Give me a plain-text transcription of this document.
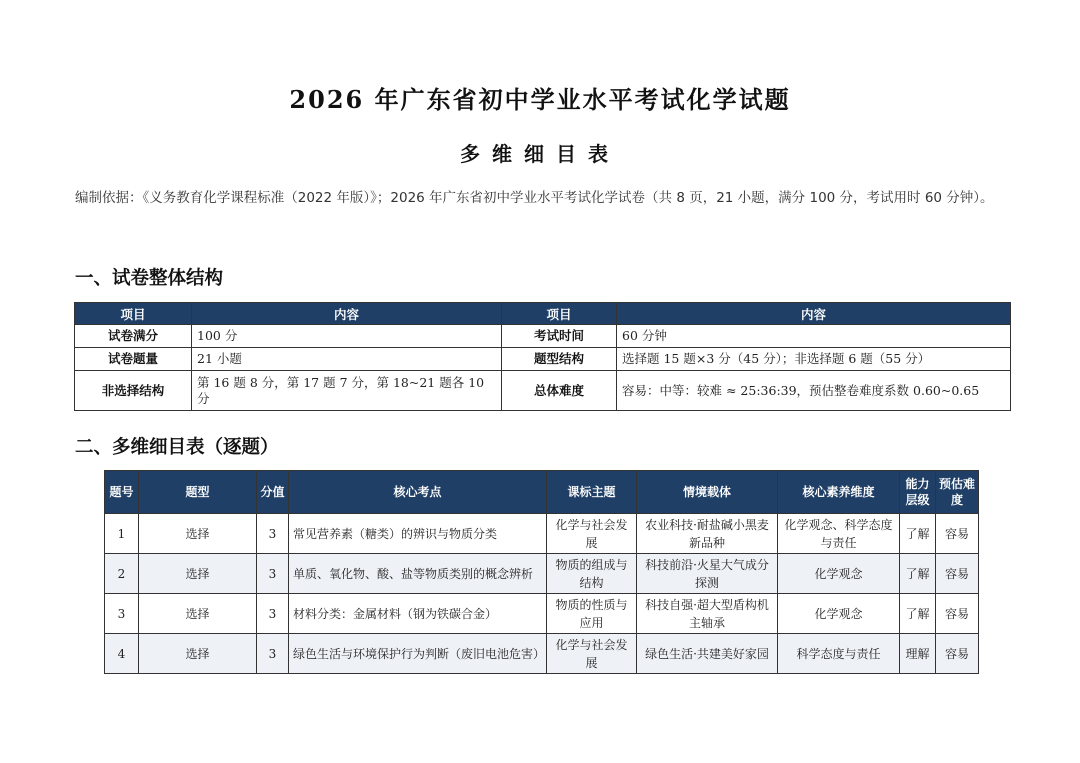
2026 年广东省初中学业水平考试化学试题
多维细目表
编制依据：《义务教育化学课程标准（2022 年版）》；2026 年广东省初中学业水平考试化学试卷（共 8 页，21 小题，满分 100 分，考试用时 60 分钟）。
一、试卷整体结构
项目	内容	项目	内容
试卷满分	100 分	考试时间	60 分钟
试卷题量	21 小题	题型结构	选择题 15 题×3 分（45 分）；非选择题 6 题（55 分）
非选择结构	第 16 题 8 分，第 17 题 7 分，第 18~21 题各 10 分	总体难度	容易：中等：较难 ≈ 25:36:39，预估整卷难度系数 0.60~0.65
二、多维细目表（逐题）
题号	题型	分值	核心考点	课标主题	情境载体	核心素养维度	能力层级	预估难度
1	选择	3	常见营养素（糖类）的辨识与物质分类	化学与社会发展	农业科技·耐盐碱小黑麦新品种	化学观念、科学态度与责任	了解	容易
2	选择	3	单质、氧化物、酸、盐等物质类别的概念辨析	物质的组成与结构	科技前沿·火星大气成分探测	化学观念	了解	容易
3	选择	3	材料分类：金属材料（钢为铁碳合金）	物质的性质与应用	科技自强·超大型盾构机主轴承	化学观念	了解	容易
4	选择	3	绿色生活与环境保护行为判断（废旧电池危害）	化学与社会发展	绿色生活·共建美好家园	科学态度与责任	理解	容易
